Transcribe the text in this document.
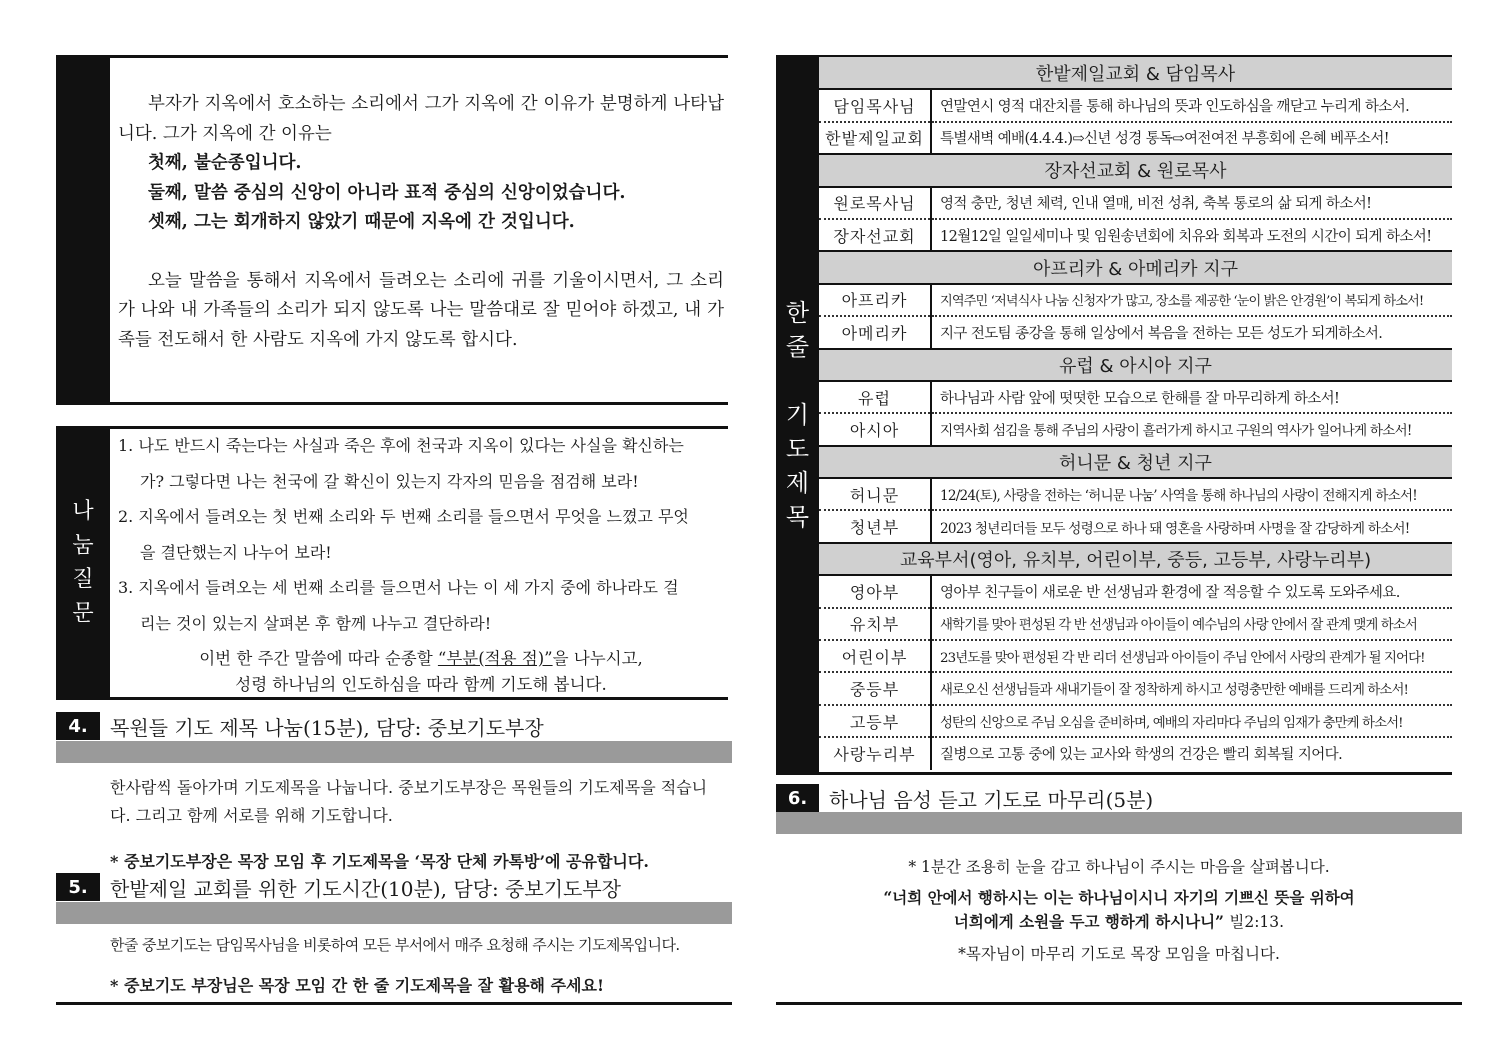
부자가 지옥에서 호소하는 소리에서 그가 지옥에 간 이유가 분명하게 나타납니다. 그가 지옥에 간 이유는

첫째, 불순종입니다.

둘째, 말씀 중심의 신앙이 아니라 표적 중심의 신앙이었습니다.

셋째, 그는 회개하지 않았기 때문에 지옥에 간 것입니다.

오늘 말씀을 통해서 지옥에서 들려오는 소리에 귀를 기울이시면서, 그 소리가 나와 내 가족들의 소리가 되지 않도록 나는 말씀대로 잘 믿어야 하겠고, 내 가족들 전도해서 한 사람도 지옥에 가지 않도록 합시다.

나
눔
질
문
1. 나도 반드시 죽는다는 사실과 죽은 후에 천국과 지옥이 있다는 사실을 확신하는
가? 그렇다면 나는 천국에 갈 확신이 있는지 각자의 믿음을 점검해 보라!
2. 지옥에서 들려오는 첫 번째 소리와 두 번째 소리를 들으면서 무엇을 느꼈고 무엇
을 결단했는지 나누어 보라!
3. 지옥에서 들려오는 세 번째 소리를 들으면서 나는 이 세 가지 중에 하나라도 걸
리는 것이 있는지 살펴본 후 함께 나누고 결단하라!
이번 한 주간 말씀에 따라 순종할 “부분(적용 점)”을 나누시고,
성령 하나님의 인도하심을 따라 함께 기도해 봅니다.
4.	목원들 기도 제목 나눔(15분), 담당: 중보기도부장
한사람씩 돌아가며 기도제목을 나눕니다. 중보기도부장은 목원들의 기도제목을 적습니다. 그리고 함께 서로를 위해 기도합니다.
* 중보기도부장은 목장 모임 후 기도제목을 ‘목장 단체 카톡방’에 공유합니다.
5.	한밭제일 교회를 위한 기도시간(10분), 담당: 중보기도부장
한줄 중보기도는 담임목사님을 비롯하여 모든 부서에서 매주 요청해 주시는 기도제목입니다.
* 중보기도 부장님은 목장 모임 간 한 줄 기도제목을 잘 활용해 주세요!
한
줄
기
도
제
목
한밭제일교회 & 담임목사	
담임목사님	연말연시 영적 대잔치를 통해 하나님의 뜻과 인도하심을 깨닫고 누리게 하소서.
한밭제일교회	특별새벽 예배(4.4.4.)⇨신년 성경 통독⇨여전여전 부흥회에 은혜 베푸소서!
장자선교회 & 원로목사	
원로목사님	영적 충만, 청년 체력, 인내 열매, 비전 성취, 축복 통로의 삶 되게 하소서!
장자선교회	12월12일 일일세미나 및 임원송년회에 치유와 회복과 도전의 시간이 되게 하소서!
아프리카 & 아메리카 지구	
아프리카	지역주민 ‘저녁식사 나눔 신청자’가 많고, 장소를 제공한 ‘눈이 밝은 안경원’이 복되게 하소서!
아메리카	지구 전도팀 종강을 통해 일상에서 복음을 전하는 모든 성도가 되게하소서.
유럽 & 아시아 지구	
유럽	하나님과 사람 앞에 떳떳한 모습으로 한해를 잘 마무리하게 하소서!
아시아	지역사회 섬김을 통해 주님의 사랑이 흘러가게 하시고 구원의 역사가 일어나게 하소서!
허니문 & 청년 지구	
허니문	12/24(토), 사랑을 전하는 ‘허니문 나눔’ 사역을 통해 하나님의 사랑이 전해지게 하소서!
청년부	2023 청년리더들 모두 성령으로 하나 돼 영혼을 사랑하며 사명을 잘 감당하게 하소서!
교육부서(영아, 유치부, 어린이부, 중등, 고등부, 사랑누리부)	
영아부	영아부 친구들이 새로운 반 선생님과 환경에 잘 적응할 수 있도록 도와주세요.
유치부	새학기를 맞아 편성된 각 반 선생님과 아이들이 예수님의 사랑 안에서 잘 관계 맺게 하소서
어린이부	23년도를 맞아 편성된 각 반 리더 선생님과 아이들이 주님 안에서 사랑의 관계가 될 지어다!
중등부	새로오신 선생님들과 새내기들이 잘 정착하게 하시고 성령충만한 예배를 드리게 하소서!
고등부	성탄의 신앙으로 주님 오심을 준비하며, 예배의 자리마다 주님의 임재가 충만케 하소서!
사랑누리부	질병으로 고통 중에 있는 교사와 학생의 건강은 빨리 회복될 지어다.
6.	하나님 음성 듣고 기도로 마무리(5분)
* 1분간 조용히 눈을 감고 하나님이 주시는 마음을 살펴봅니다.
“너희 안에서 행하시는 이는 하나님이시니 자기의 기쁘신 뜻을 위하여
너희에게 소원을 두고 행하게 하시나니” 빌2:13.
*목자님이 마무리 기도로 목장 모임을 마칩니다.
